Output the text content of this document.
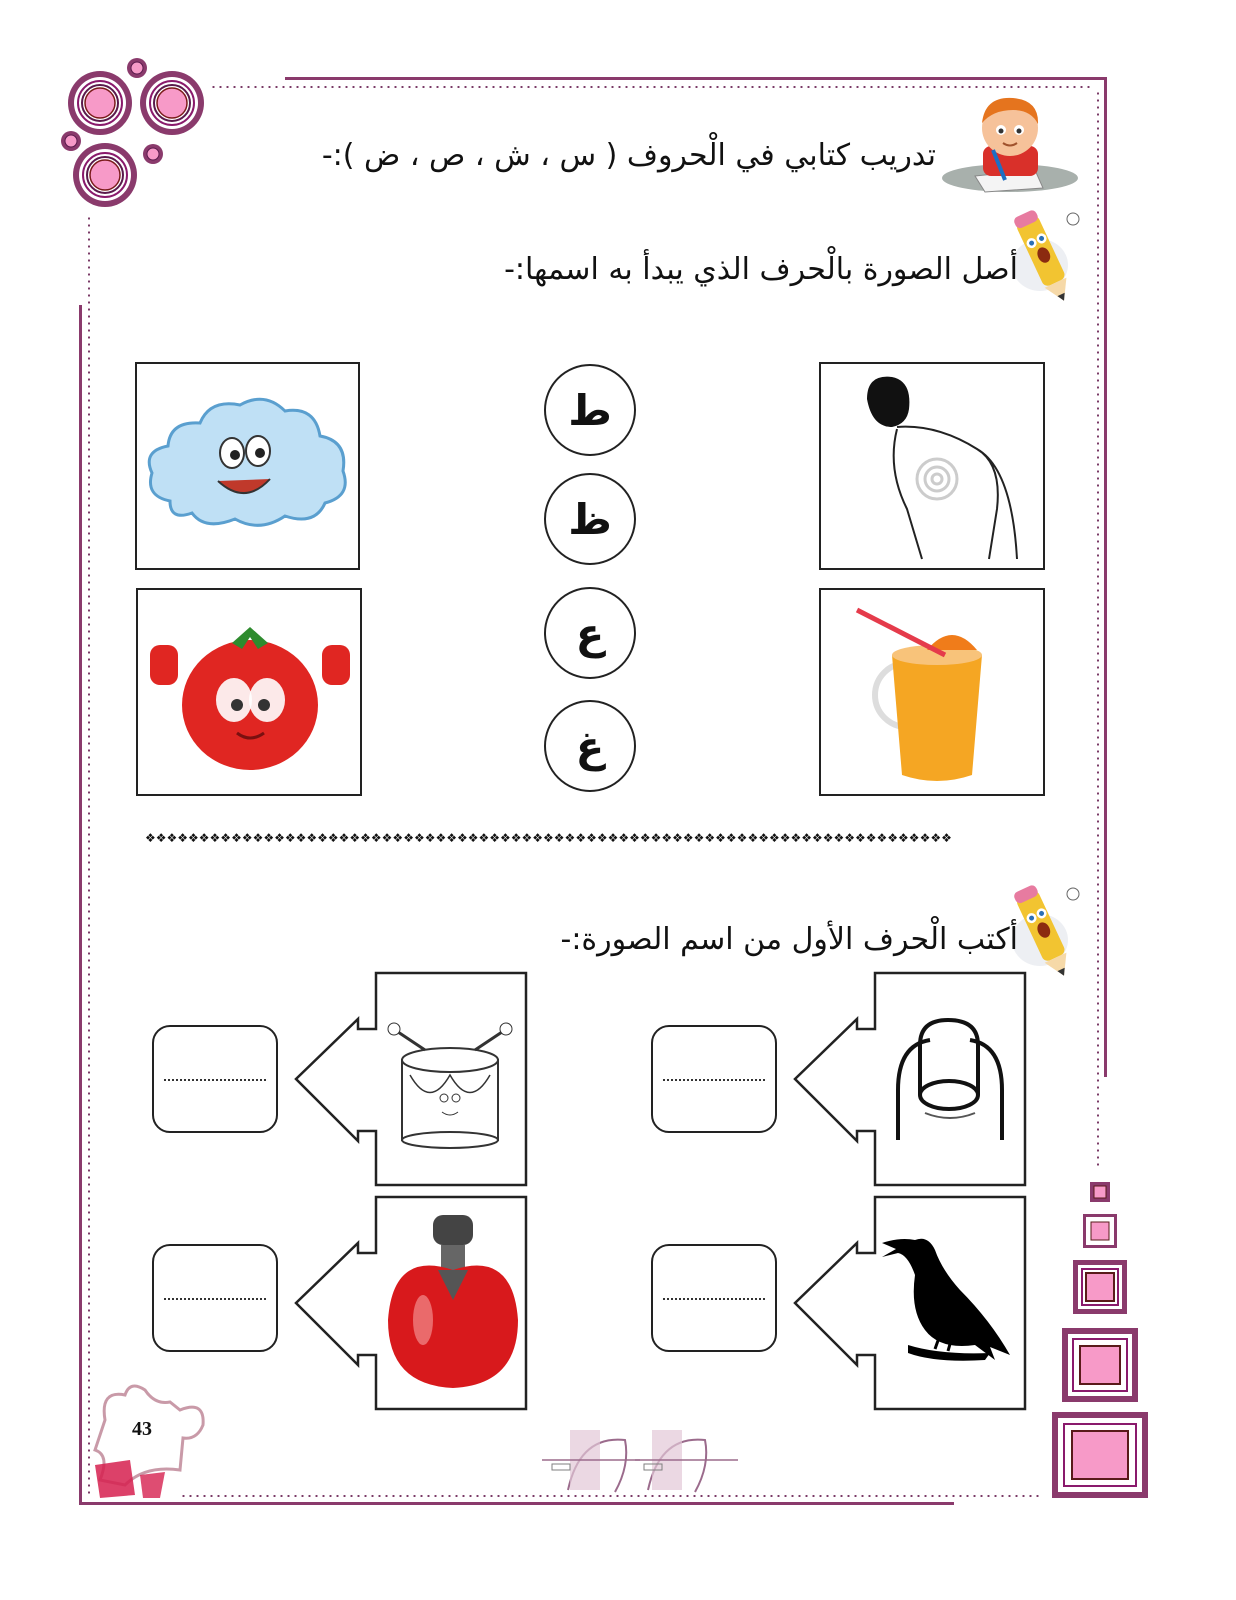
تدريب كتابي في الْحروف ( س ، ش ، ص ، ض ):-
أصل الصورة بالْحرف الذي يبدأ به اسمها:-
ط
ظ
ع
غ
❖❖❖❖❖❖❖❖❖❖❖❖❖❖❖❖❖❖❖❖❖❖❖❖❖❖❖❖❖❖❖❖❖❖❖❖❖❖❖❖❖❖❖❖❖❖❖❖❖❖❖❖❖❖❖❖❖❖❖❖❖❖❖❖❖❖❖❖❖❖❖❖❖❖❖
أكتب الْحرف الأول من اسم الصورة:-
43
